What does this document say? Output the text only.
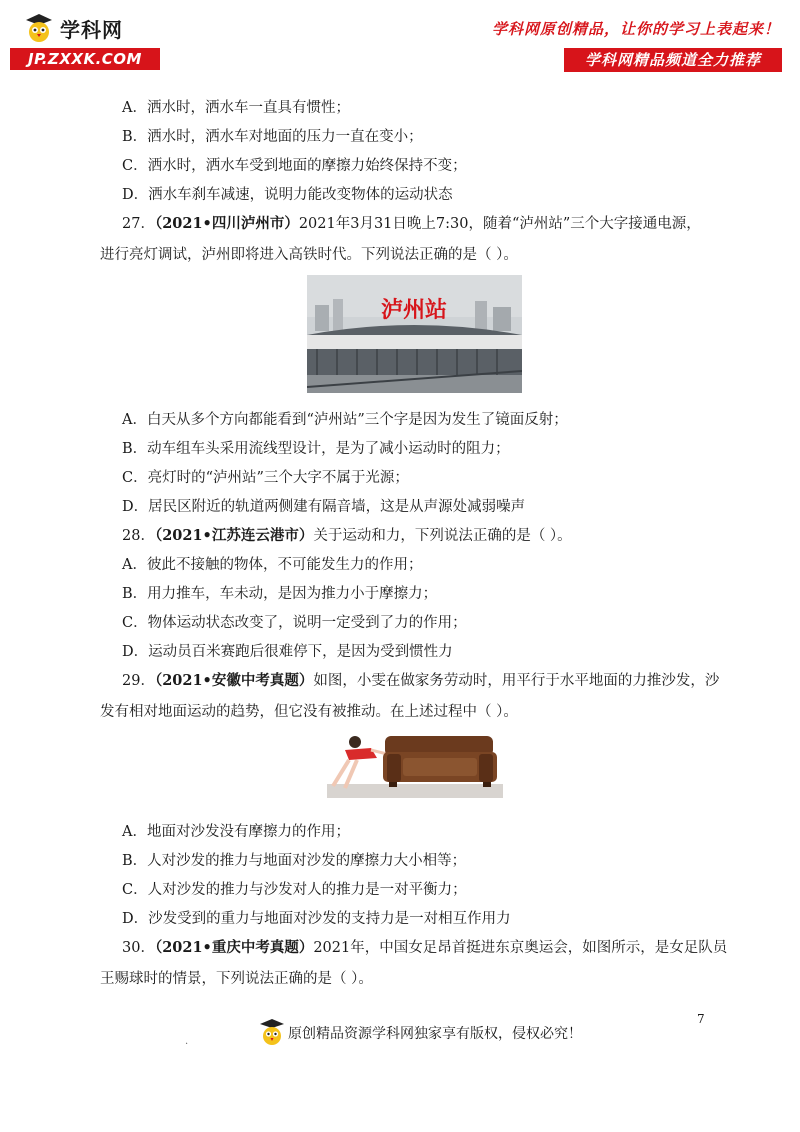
学科网
JP.ZXXK.COM
学科网原创精品，让你的学习上表起来！
学科网精品频道全力推荐
A．洒水时，洒水车一直具有惯性；
B．洒水时，洒水车对地面的压力一直在变小；
C．洒水时，洒水车受到地面的摩擦力始终保持不变；
D．洒水车刹车减速，说明力能改变物体的运动状态
27．（2021•四川泸州市）2021年3月31日晚上7:30，随着“泸州站”三个大字接通电源，
进行亮灯调试，泸州即将进入高铁时代。下列说法正确的是（ ）。
泸州站
A．白天从多个方向都能看到“泸州站”三个字是因为发生了镜面反射；
B．动车组车头采用流线型设计，是为了减小运动时的阻力；
C．亮灯时的“泸州站”三个大字不属于光源；
D．居民区附近的轨道两侧建有隔音墙，这是从声源处减弱噪声
28．（2021•江苏连云港市）关于运动和力，下列说法正确的是（ ）。
A．彼此不接触的物体，不可能发生力的作用；
B．用力推车，车未动，是因为推力小于摩擦力；
C．物体运动状态改变了，说明一定受到了力的作用；
D．运动员百米赛跑后很难停下，是因为受到惯性力
29．（2021•安徽中考真题）如图，小雯在做家务劳动时，用平行于水平地面的力推沙发，沙
发有相对地面运动的趋势，但它没有被推动。在上述过程中（ ）。
A．地面对沙发没有摩擦力的作用；
B．人对沙发的推力与地面对沙发的摩擦力大小相等；
C．人对沙发的推力与沙发对人的推力是一对平衡力；
D．沙发受到的重力与地面对沙发的支持力是一对相互作用力
30．（2021•重庆中考真题）2021年，中国女足昂首挺进东京奥运会，如图所示，是女足队员
王赐球时的情景，下列说法正确的是（ ）。
7
.	原创精品资源学科网独家享有版权，侵权必究！
